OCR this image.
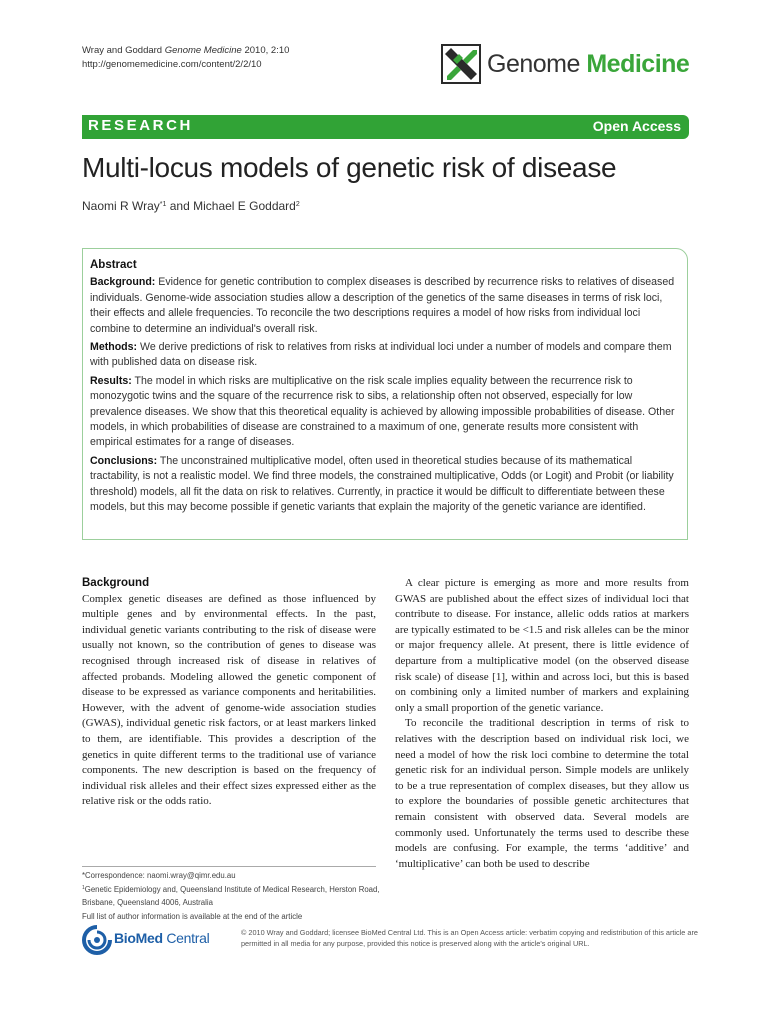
Wray and Goddard Genome Medicine 2010, 2:10
http://genomemedicine.com/content/2/2/10	Genome Medicine
RESEARCH	Open Access
Multi-locus models of genetic risk of disease
Naomi R Wray$^{*1}$ and Michael E Goddard$^2$
Abstract

Background: Evidence for genetic contribution to complex diseases is described by recurrence risks to relatives of diseased individuals. Genome-wide association studies allow a description of the genetics of the same diseases in terms of risk loci, their effects and allele frequencies. To reconcile the two descriptions requires a model of how risks from individual loci combine to determine an individual's overall risk.

Methods: We derive predictions of risk to relatives from risks at individual loci under a number of models and compare them with published data on disease risk.

Results: The model in which risks are multiplicative on the risk scale implies equality between the recurrence risk to monozygotic twins and the square of the recurrence risk to sibs, a relationship often not observed, especially for low prevalence diseases. We show that this theoretical equality is achieved by allowing impossible probabilities of disease. Other models, in which probabilities of disease are constrained to a maximum of one, generate results more consistent with empirical estimates for a range of diseases.

Conclusions: The unconstrained multiplicative model, often used in theoretical studies because of its mathematical tractability, is not a realistic model. We find three models, the constrained multiplicative, Odds (or Logit) and Probit (or liability threshold) models, all fit the data on risk to relatives. Currently, in practice it would be difficult to differentiate between these models, but this may become possible if genetic variants that explain the majority of the genetic variance are identified.

Background

Complex genetic diseases are defined as those influenced by multiple genes and by environmental effects. In the past, individual genetic variants contributing to the risk of disease were usually not known, so the contribution of genes to disease was recognised through increased risk of disease in relatives of affected probands. Modeling allowed the genetic component of disease to be expressed as variance components and heritabilities. However, with the advent of genome-wide association studies (GWAS), individual genetic risk factors, or at least markers linked to them, are identifiable. This provides a description of the genetics in quite different terms to the traditional use of variance components. The new description is based on the frequency of individual risk alleles and their effect sizes expressed either as the relative risk or the odds ratio.

A clear picture is emerging as more and more results from GWAS are published about the effect sizes of individual loci that contribute to disease. For instance, allelic odds ratios at markers are typically estimated to be <1.5 and risk alleles can be the minor or major frequency allele. At present, there is little evidence of departure from a multiplicative model (on the observed disease risk scale) of disease [1], within and across loci, but this is based on combining only a limited number of markers and explaining only a small proportion of the genetic variance.

To reconcile the traditional description in terms of risk to relatives with the description based on individual risk loci, we need a model of how the risk loci combine to determine the total genetic risk for an individual person. Simple models are unlikely to be a true representation of complex diseases, but they allow us to explore the boundaries of possible genetic architectures that remain consistent with observed data. Several models are commonly used. Unfortunately the terms used to describe these models are confusing. For example, the terms ‘additive’ and ‘multiplicative’ can both be used to describe

*Correspondence: naomi.wray@qimr.edu.au
$^1$Genetic Epidemiology and, Queensland Institute of Medical Research, Herston Road, Brisbane, Queensland 4006, Australia
Full list of author information is available at the end of the article
BioMed Central	© 2010 Wray and Goddard; licensee BioMed Central Ltd. This is an Open Access article: verbatim copying and redistribution of this article are permitted in all media for any purpose, provided this notice is preserved along with the article's original URL.
